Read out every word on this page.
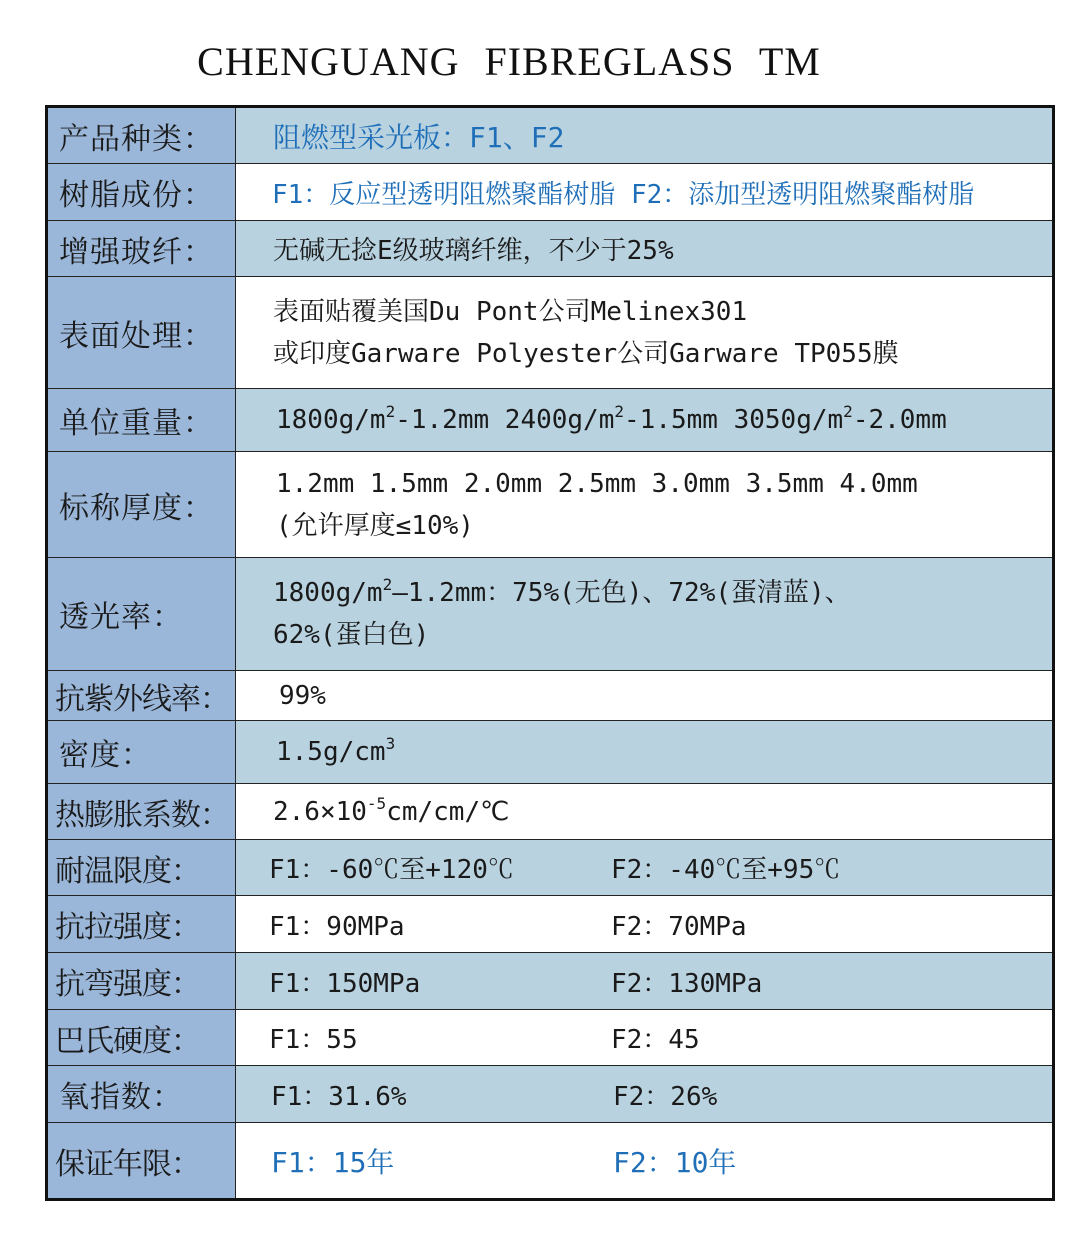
CHENGUANG FIBREGLASS TM
产品种类：	阻燃型采光板：F1、F2
树脂成份：	F1：反应型透明阻燃聚酯树脂 F2：添加型透明阻燃聚酯树脂
增强玻纤：	无碱无捻E级玻璃纤维，不少于25%
表面处理：	表面贴覆美国Du Pont公司Melinex301
或印度Garware Polyester公司Garware TP055膜

单位重量：	$1800g/m^2-1.2mm$ $2400g/m^2-1.5mm$ $3050g/m^2-2.0mm$
标称厚度：	1.2mm 1.5mm 2.0mm 2.5mm 3.0mm 3.5mm 4.0mm
(允许厚度≤10%)

透光率：	$1800g/m^2—1.2mm$：75%(无色)、72%(蛋清蓝)、
62%(蛋白色)

抗紫外线率：	99%
密度：	$1.5g/cm^3$
热膨胀系数：	$2.6\times 10^{-5}cm/cm/℃$
耐温限度：	F1：-60℃至+120℃ F2：-40℃至+95℃
抗拉强度：	F1：90MPa F2：70MPa
抗弯强度：	F1：150MPa F2：130MPa
巴氏硬度：	F1：55 F2：45
氧指数：	F1：31.6% F2：26%
保证年限：	F1：15年 F2：10年
